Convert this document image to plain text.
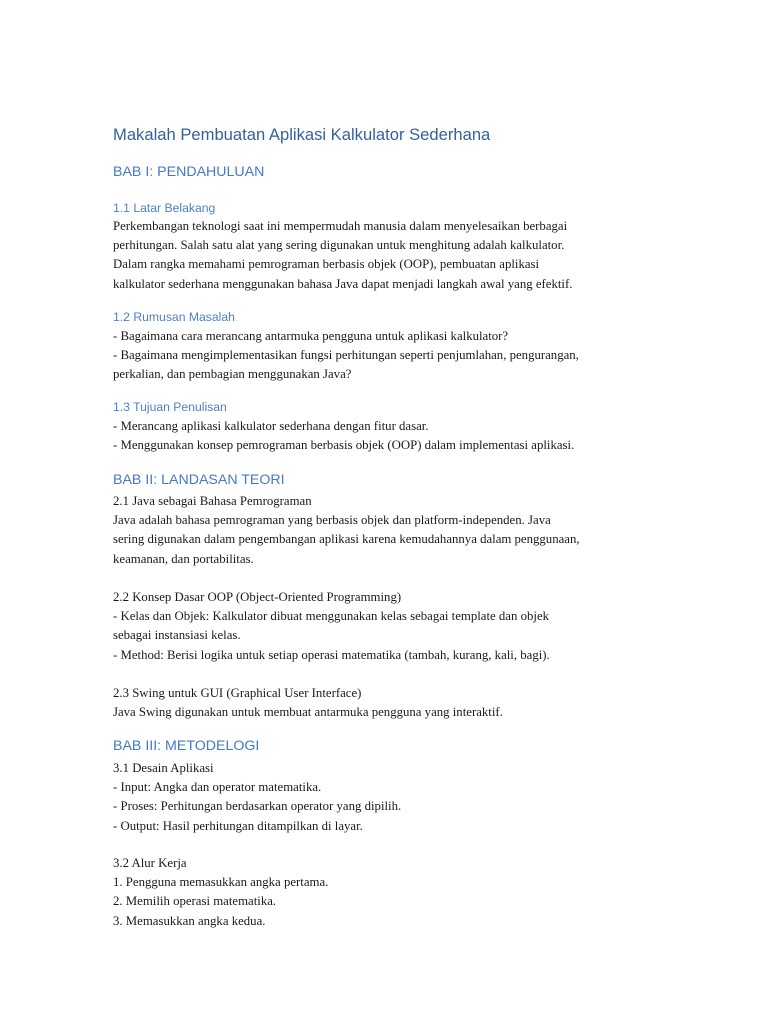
Makalah Pembuatan Aplikasi Kalkulator Sederhana
BAB I: PENDAHULUAN
1.1 Latar Belakang
Perkembangan teknologi saat ini mempermudah manusia dalam menyelesaikan berbagai
perhitungan. Salah satu alat yang sering digunakan untuk menghitung adalah kalkulator.
Dalam rangka memahami pemrograman berbasis objek (OOP), pembuatan aplikasi
kalkulator sederhana menggunakan bahasa Java dapat menjadi langkah awal yang efektif.
1.2 Rumusan Masalah
- Bagaimana cara merancang antarmuka pengguna untuk aplikasi kalkulator?
- Bagaimana mengimplementasikan fungsi perhitungan seperti penjumlahan, pengurangan,
perkalian, dan pembagian menggunakan Java?
1.3 Tujuan Penulisan
- Merancang aplikasi kalkulator sederhana dengan fitur dasar.
- Menggunakan konsep pemrograman berbasis objek (OOP) dalam implementasi aplikasi.
BAB II: LANDASAN TEORI
2.1 Java sebagai Bahasa Pemrograman
Java adalah bahasa pemrograman yang berbasis objek dan platform-independen. Java
sering digunakan dalam pengembangan aplikasi karena kemudahannya dalam penggunaan,
keamanan, dan portabilitas.
2.2 Konsep Dasar OOP (Object-Oriented Programming)
- Kelas dan Objek: Kalkulator dibuat menggunakan kelas sebagai template dan objek
sebagai instansiasi kelas.
- Method: Berisi logika untuk setiap operasi matematika (tambah, kurang, kali, bagi).
2.3 Swing untuk GUI (Graphical User Interface)
Java Swing digunakan untuk membuat antarmuka pengguna yang interaktif.
BAB III: METODELOGI
3.1 Desain Aplikasi
- Input: Angka dan operator matematika.
- Proses: Perhitungan berdasarkan operator yang dipilih.
- Output: Hasil perhitungan ditampilkan di layar.
3.2 Alur Kerja
1. Pengguna memasukkan angka pertama.
2. Memilih operasi matematika.
3. Memasukkan angka kedua.
